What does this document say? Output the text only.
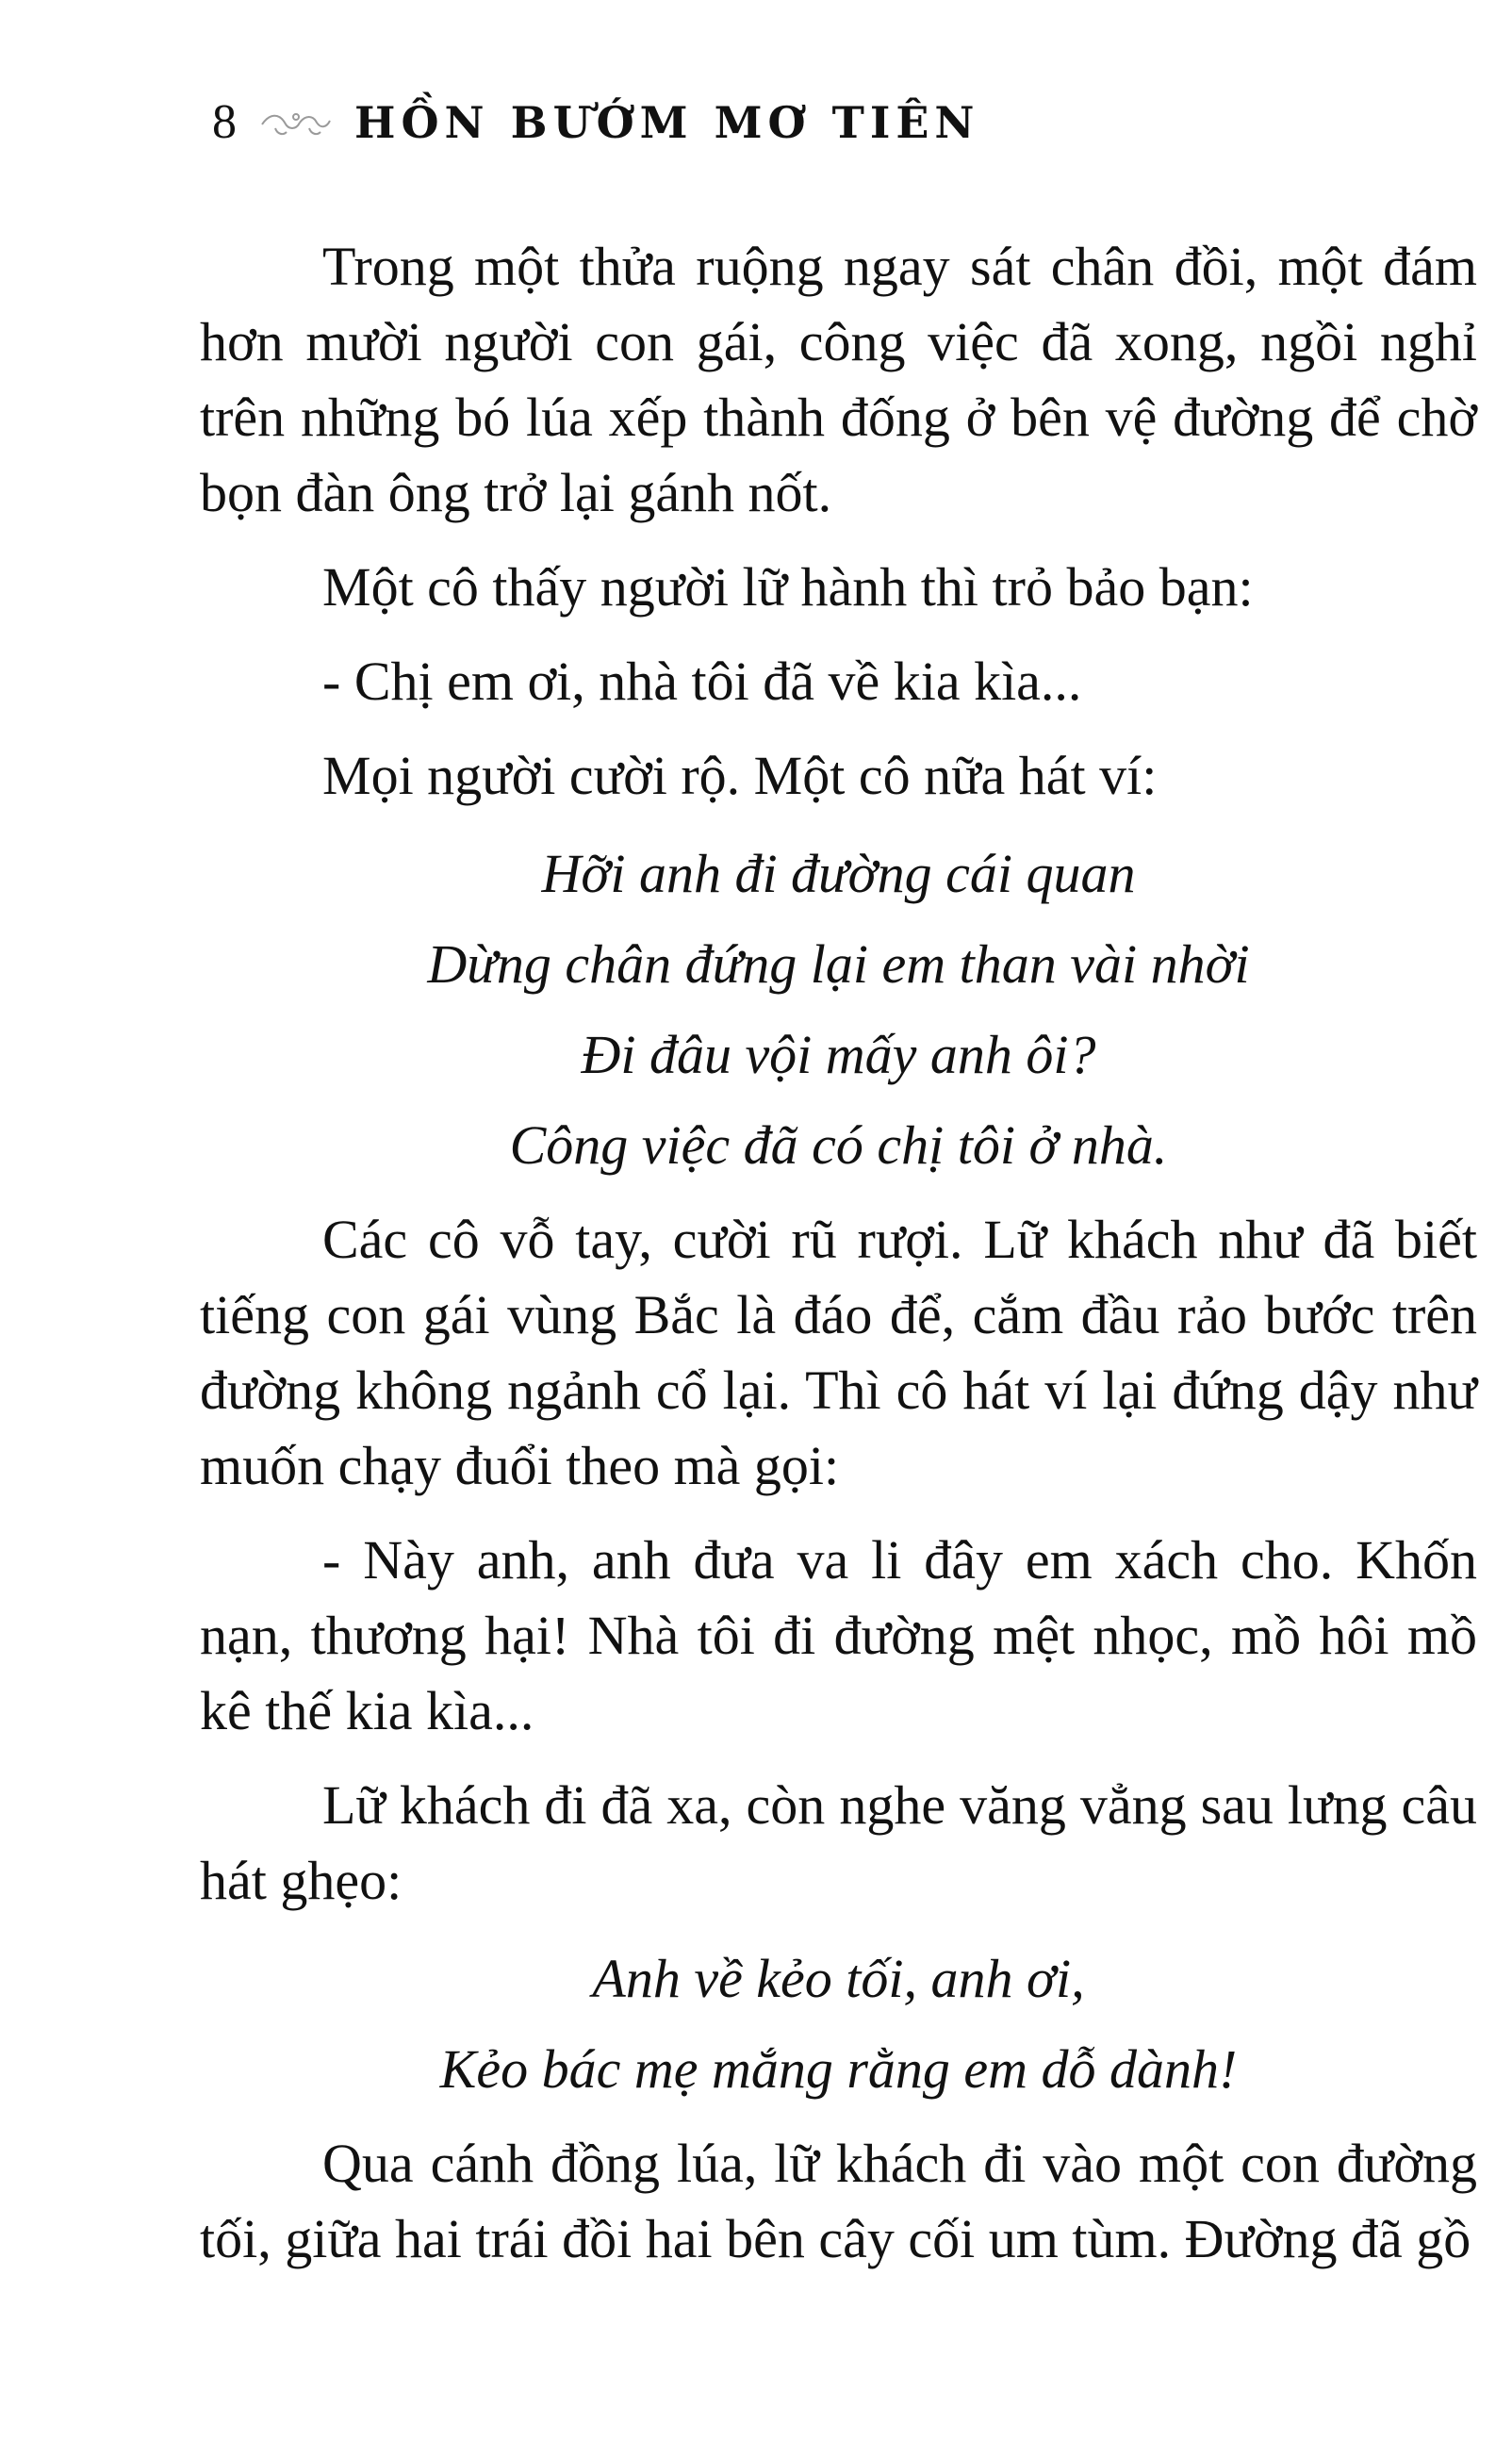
8	HỒN BƯỚM MƠ TIÊN

Trong một thửa ruộng ngay sát chân đồi, một đám hơn mười người con gái, công việc đã xong, ngồi nghỉ trên những bó lúa xếp thành đống ở bên vệ đường để chờ bọn đàn ông trở lại gánh nốt.

Một cô thấy người lữ hành thì trỏ bảo bạn:

- Chị em ơi, nhà tôi đã về kia kìa...

Mọi người cười rộ. Một cô nữa hát ví:

Hỡi anh đi đường cái quan
Dừng chân đứng lại em than vài nhời
Đi đâu vội mấy anh ôi?
Công việc đã có chị tôi ở nhà.

Các cô vỗ tay, cười rũ rượi. Lữ khách như đã biết tiếng con gái vùng Bắc là đáo để, cắm đầu rảo bước trên đường không ngảnh cổ lại. Thì cô hát ví lại đứng dậy như muốn chạy đuổi theo mà gọi:

- Này anh, anh đưa va li đây em xách cho. Khốn nạn, thương hại! Nhà tôi đi đường mệt nhọc, mồ hôi mồ kê thế kia kìa...

Lữ khách đi đã xa, còn nghe văng vẳng sau lưng câu hát ghẹo:

Anh về kẻo tối, anh ơi,
Kẻo bác mẹ mắng rằng em dỗ dành!

Qua cánh đồng lúa, lữ khách đi vào một con đường tối, giữa hai trái đồi hai bên cây cối um tùm. Đường đã gồ
